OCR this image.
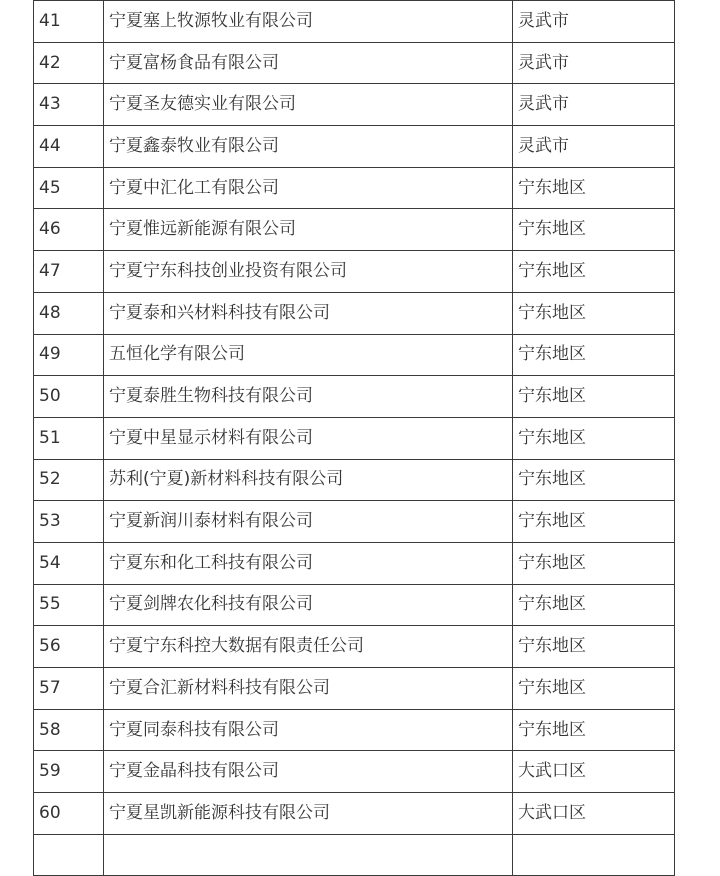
41	宁夏塞上牧源牧业有限公司	灵武市
42	宁夏富杨食品有限公司	灵武市
43	宁夏圣友德实业有限公司	灵武市
44	宁夏鑫泰牧业有限公司	灵武市
45	宁夏中汇化工有限公司	宁东地区
46	宁夏惟远新能源有限公司	宁东地区
47	宁夏宁东科技创业投资有限公司	宁东地区
48	宁夏泰和兴材料科技有限公司	宁东地区
49	五恒化学有限公司	宁东地区
50	宁夏泰胜生物科技有限公司	宁东地区
51	宁夏中星显示材料有限公司	宁东地区
52	苏利(宁夏)新材料科技有限公司	宁东地区
53	宁夏新润川泰材料有限公司	宁东地区
54	宁夏东和化工科技有限公司	宁东地区
55	宁夏剑牌农化科技有限公司	宁东地区
56	宁夏宁东科控大数据有限责任公司	宁东地区
57	宁夏合汇新材料科技有限公司	宁东地区
58	宁夏同泰科技有限公司	宁东地区
59	宁夏金晶科技有限公司	大武口区
60	宁夏星凯新能源科技有限公司	大武口区
